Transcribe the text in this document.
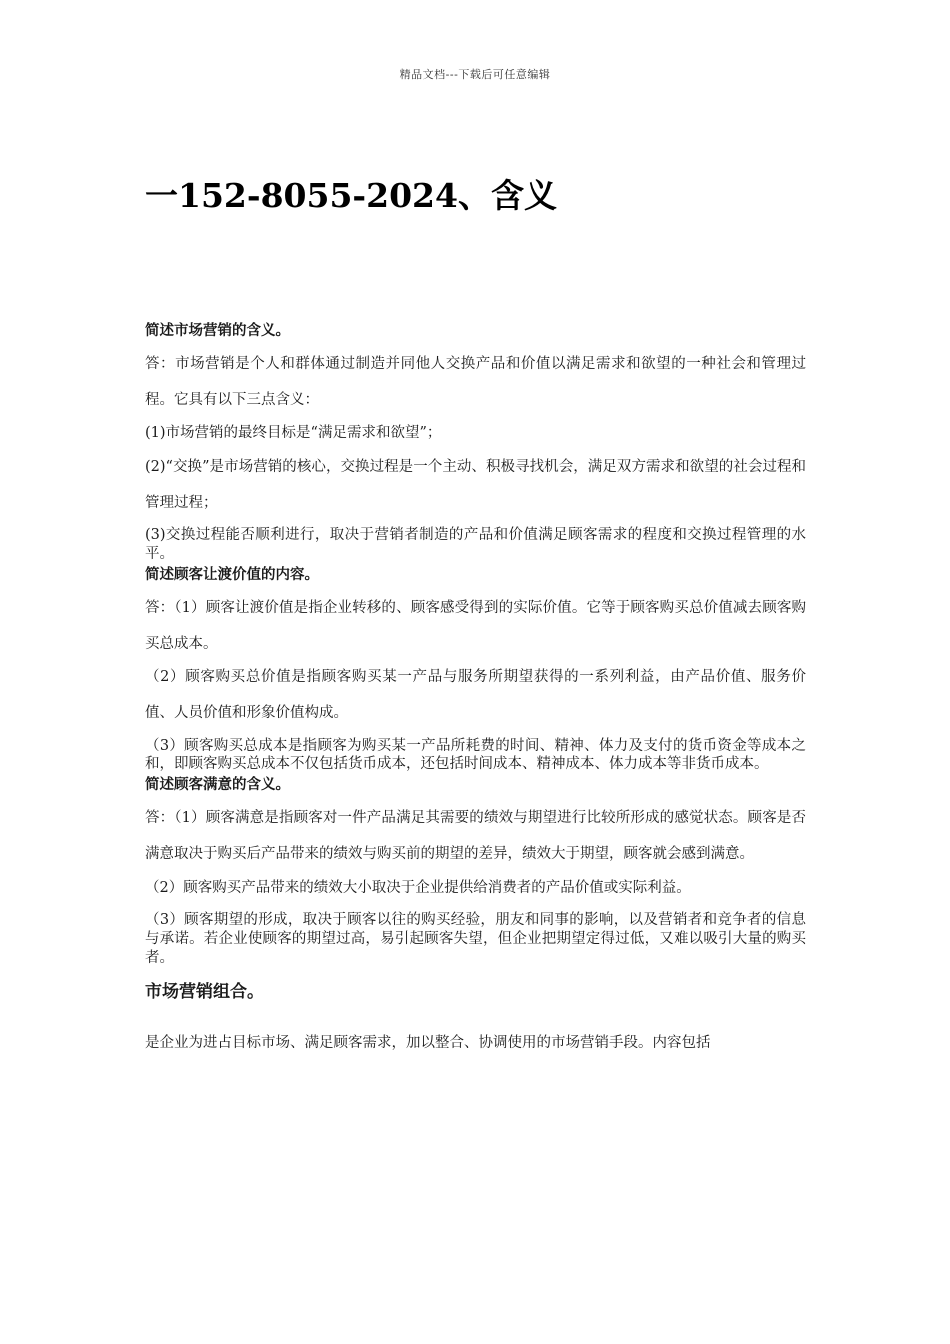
精品文档---下载后可任意编辑
一152-8055-2024、含义

简述市场营销的含义。

答：市场营销是个人和群体通过制造并同他人交换产品和价值以满足需求和欲望的一种社会和管理过程。它具有以下三点含义：

(1)市场营销的最终目标是“满足需求和欲望”；

(2)“交换”是市场营销的核心，交换过程是一个主动、积极寻找机会，满足双方需求和欲望的社会过程和管理过程；

(3)交换过程能否顺利进行，取决于营销者制造的产品和价值满足顾客需求的程度和交换过程管理的水平。

简述顾客让渡价值的内容。

答：（1）顾客让渡价值是指企业转移的、顾客感受得到的实际价值。它等于顾客购买总价值减去顾客购买总成本。

（2）顾客购买总价值是指顾客购买某一产品与服务所期望获得的一系列利益，由产品价值、服务价值、人员价值和形象价值构成。

（3）顾客购买总成本是指顾客为购买某一产品所耗费的时间、精神、体力及支付的货币资金等成本之和，即顾客购买总成本不仅包括货币成本，还包括时间成本、精神成本、体力成本等非货币成本。

简述顾客满意的含义。

答：（1）顾客满意是指顾客对一件产品满足其需要的绩效与期望进行比较所形成的感觉状态。顾客是否满意取决于购买后产品带来的绩效与购买前的期望的差异，绩效大于期望，顾客就会感到满意。

（2）顾客购买产品带来的绩效大小取决于企业提供给消费者的产品价值或实际利益。

（3）顾客期望的形成，取决于顾客以往的购买经验，朋友和同事的影响，以及营销者和竞争者的信息与承诺。若企业使顾客的期望过高，易引起顾客失望，但企业把期望定得过低，又难以吸引大量的购买者。

市场营销组合。

是企业为进占目标市场、满足顾客需求，加以整合、协调使用的市场营销手段。内容包括
